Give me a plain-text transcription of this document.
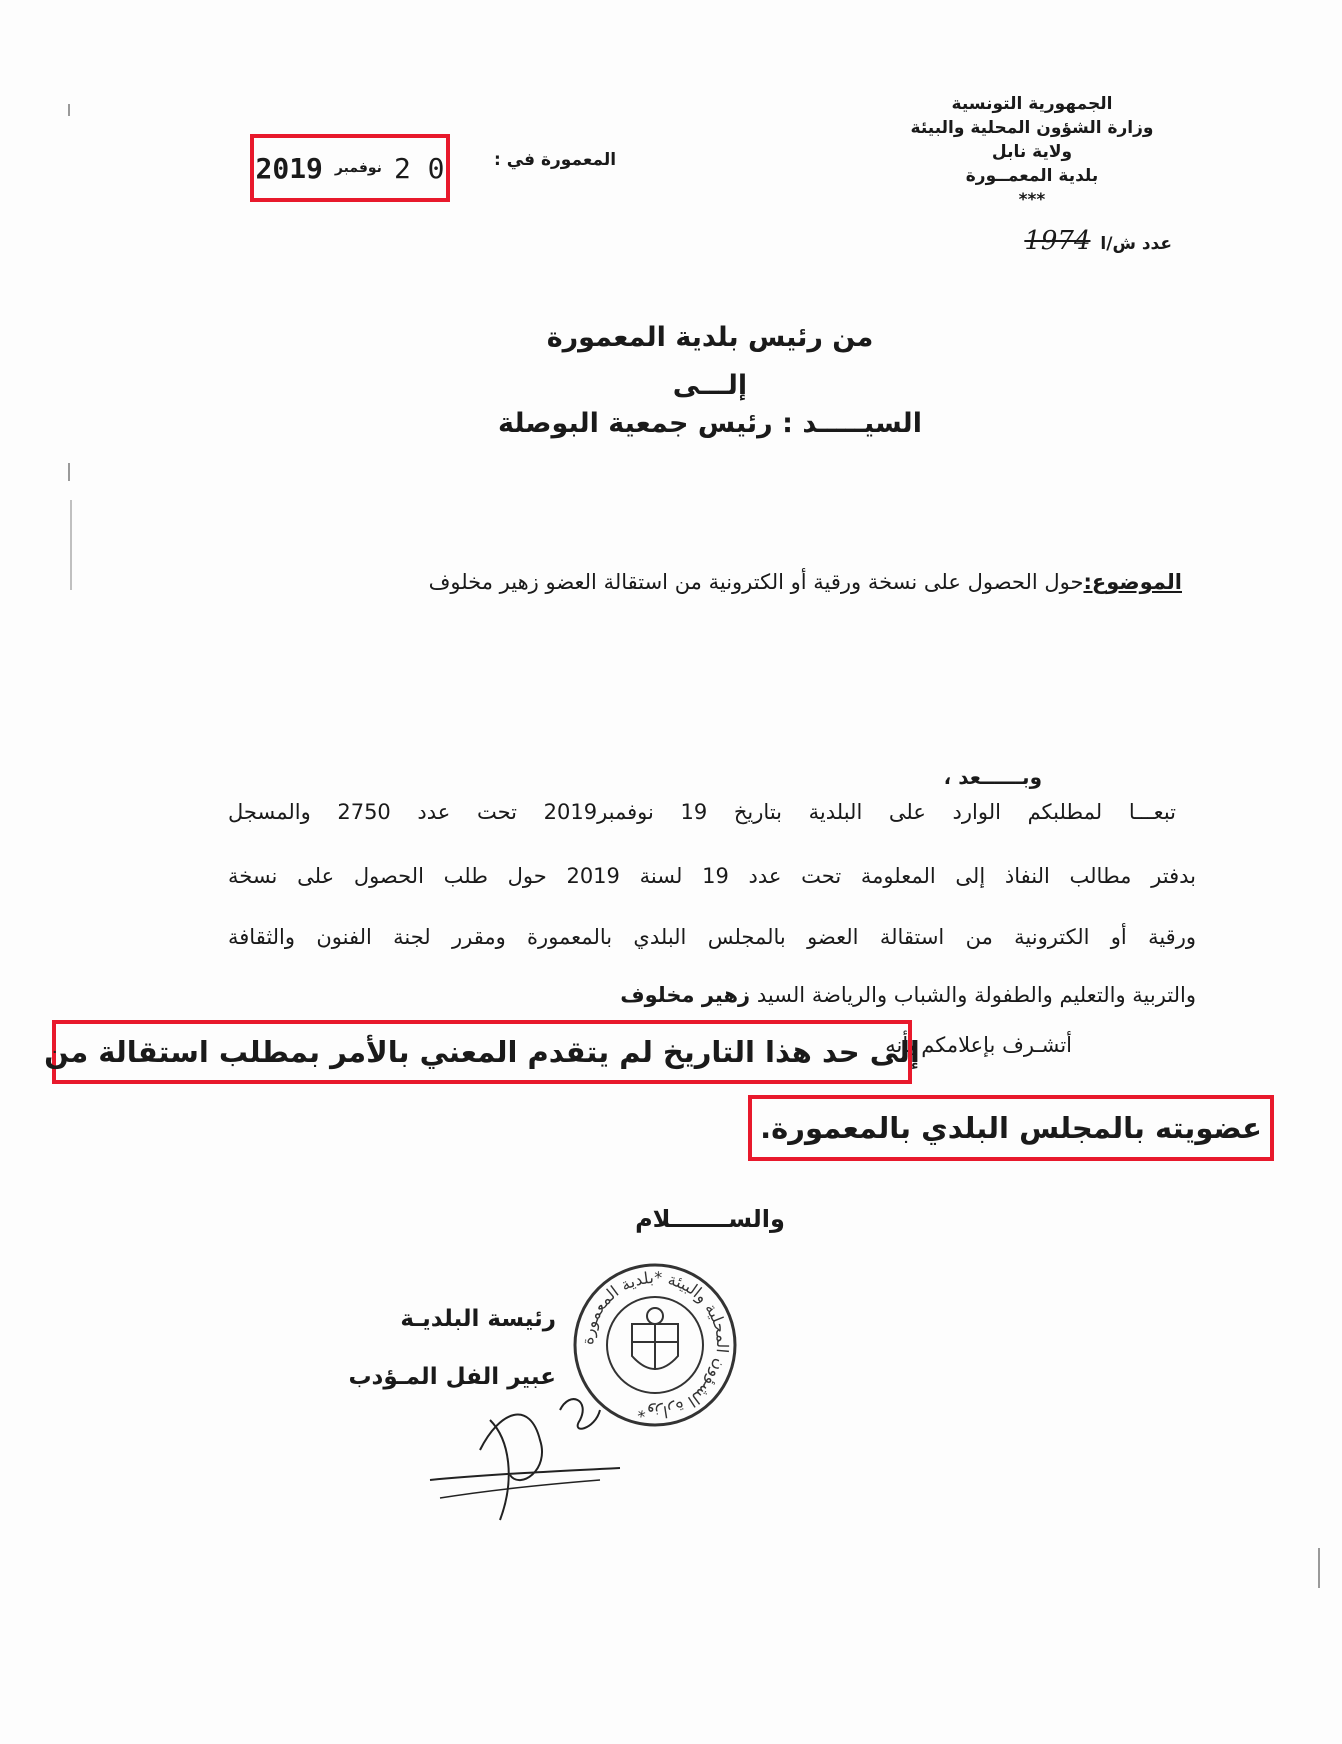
الجمهورية التونسية
وزارة الشؤون المحلية والبيئة
ولاية نابل
بلدية المعمــورة
***
عدد ش/ا 1974
المعمورة في :
2019 نوفمبر 2 0
من رئيس بلدية المعمورة
إلـــى
السيـــــد : رئيس جمعية البوصلة
الموضوع:حول الحصول على نسخة ورقية أو الكترونية من استقالة العضو زهير مخلوف
وبــــــعد ،
تبعـــا لمطلبكم الوارد على البلدية بتاريخ 19 نوفمبر2019 تحت عدد 2750 والمسجل
بدفتر مطالب النفاذ إلى المعلومة تحت عدد 19 لسنة 2019 حول طلب الحصول على نسخة
ورقية أو الكترونية من استقالة العضو بالمجلس البلدي بالمعمورة ومقرر لجنة الفنون والثقافة
والتربية والتعليم والطفولة والشباب والرياضة السيد زهير مخلوف
أتشـرف بإعلامكم بأنه
إلى حد هذا التاريخ لم يتقدم المعني بالأمر بمطلب استقالة من
عضويته بالمجلس البلدي بالمعمورة.
والســـــــلام
رئيسة البلديـة
عبير الفل المـؤدب
وزارة الشؤون المحلية والبيئة *بلدية المعمورة*
